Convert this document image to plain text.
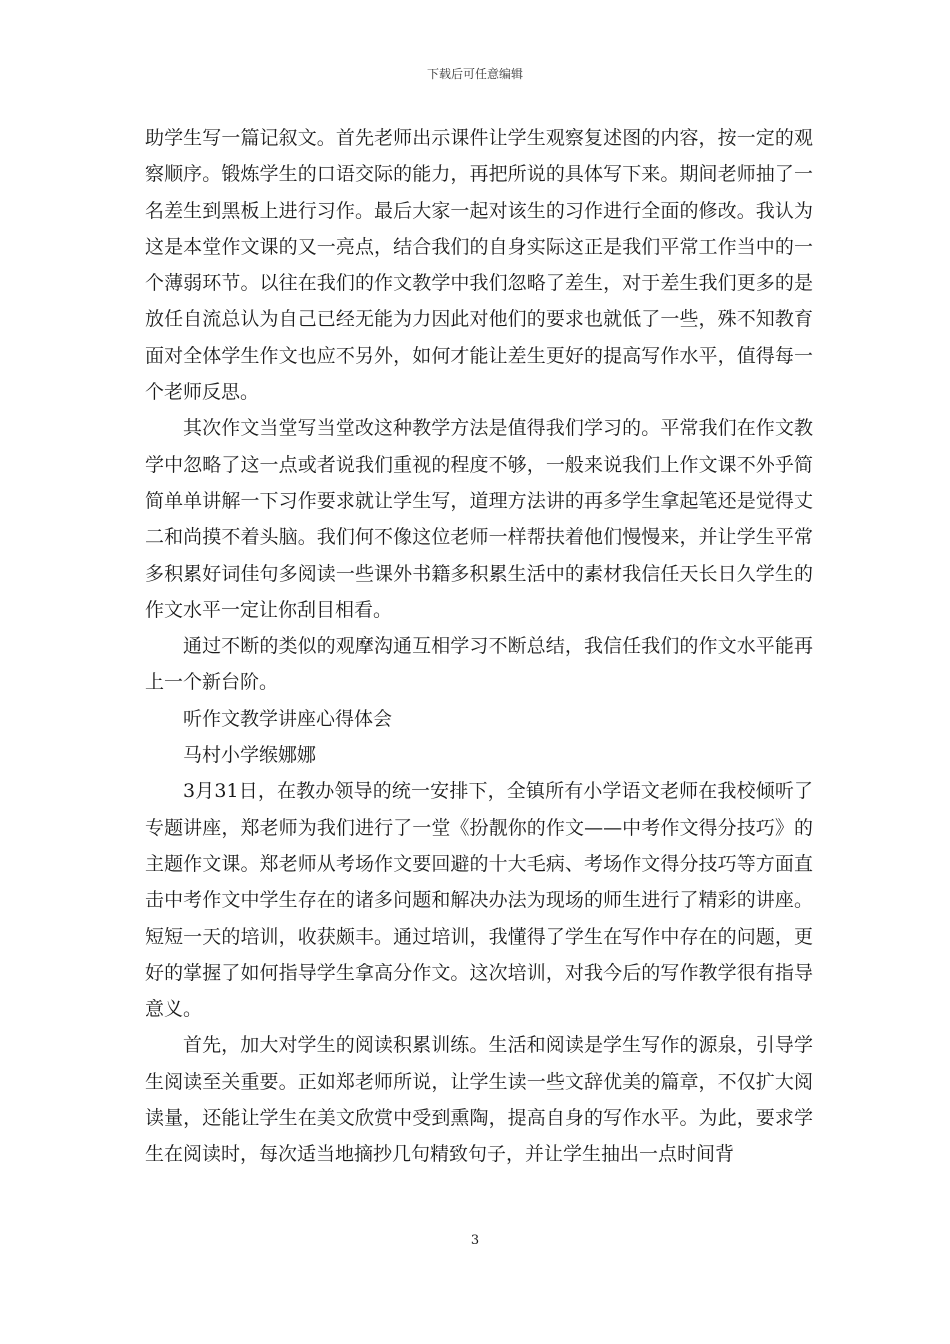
下载后可任意编辑

助学生写一篇记叙文。首先老师出示课件让学生观察复述图的内容，按一定的观察顺序。锻炼学生的口语交际的能力，再把所说的具体写下来。期间老师抽了一名差生到黑板上进行习作。最后大家一起对该生的习作进行全面的修改。我认为这是本堂作文课的又一亮点，结合我们的自身实际这正是我们平常工作当中的一个薄弱环节。以往在我们的作文教学中我们忽略了差生，对于差生我们更多的是放任自流总认为自己已经无能为力因此对他们的要求也就低了一些，殊不知教育面对全体学生作文也应不另外，如何才能让差生更好的提高写作水平，值得每一个老师反思。

其次作文当堂写当堂改这种教学方法是值得我们学习的。平常我们在作文教学中忽略了这一点或者说我们重视的程度不够，一般来说我们上作文课不外乎简简单单讲解一下习作要求就让学生写，道理方法讲的再多学生拿起笔还是觉得丈二和尚摸不着头脑。我们何不像这位老师一样帮扶着他们慢慢来，并让学生平常多积累好词佳句多阅读一些课外书籍多积累生活中的素材我信任天长日久学生的作文水平一定让你刮目相看。

通过不断的类似的观摩沟通互相学习不断总结，我信任我们的作文水平能再上一个新台阶。

听作文教学讲座心得体会

马村小学缑娜娜

3月31日，在教办领导的统一安排下，全镇所有小学语文老师在我校倾听了专题讲座，郑老师为我们进行了一堂《扮靓你的作文——中考作文得分技巧》的主题作文课。郑老师从考场作文要回避的十大毛病、考场作文得分技巧等方面直击中考作文中学生存在的诸多问题和解决办法为现场的师生进行了精彩的讲座。短短一天的培训，收获颇丰。通过培训，我懂得了学生在写作中存在的问题，更好的掌握了如何指导学生拿高分作文。这次培训，对我今后的写作教学很有指导意义。

首先，加大对学生的阅读积累训练。生活和阅读是学生写作的源泉，引导学生阅读至关重要。正如郑老师所说，让学生读一些文辞优美的篇章，不仅扩大阅读量，还能让学生在美文欣赏中受到熏陶，提高自身的写作水平。为此，要求学生在阅读时，每次适当地摘抄几句精致句子，并让学生抽出一点时间背

3
